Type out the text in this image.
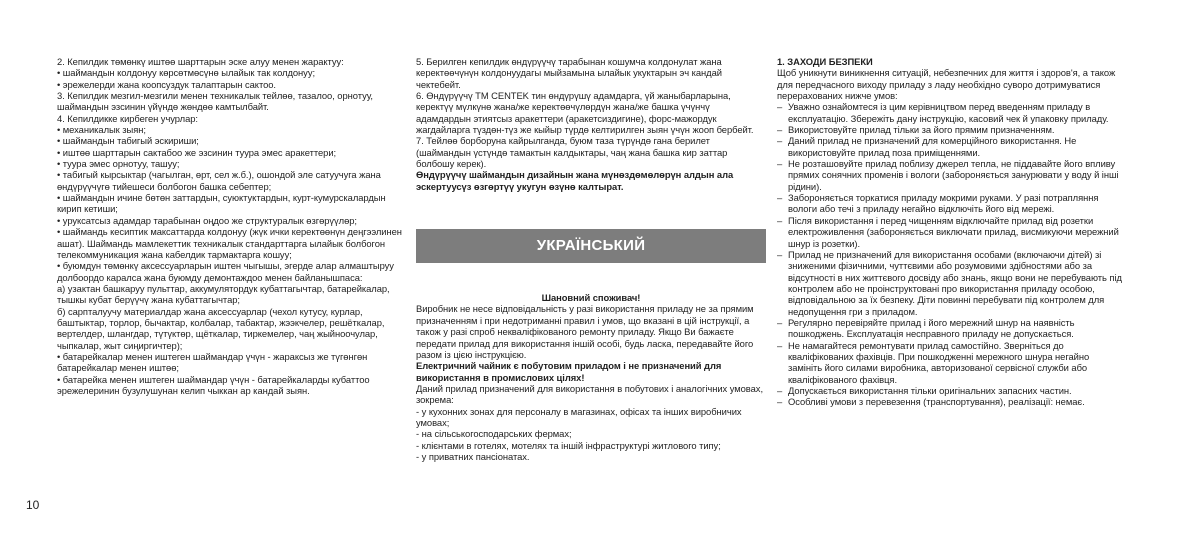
2. Кепилдик төмөнкү иштөө шарттарын эске алуу менен жарактуу:

• шаймандын колдонуу көрсөтмөсүнө ылайык так колдонуу;

• эрежелерди жана коопсуздук талаптарын сактоо.

3. Кепилдик мезгил-мезгили менен техникалык тейлөө, тазалоо, орнотуу, шаймандын эзсинин үйүндө жөндөө камтылбайт.

4. Кепилдикке кирбеген учурлар:

• механикалык зыян;

• шаймандын табигый эскириши;

• иштөө шарттарын сактабоо же эзсинин туура эмес аракеттери;

• туура эмес орнотуу, ташуу;

• табигый кырсыктар (чагылган, өрт, сел ж.б.), ошондой эле сатуучуга жана өндүрүүчүгө тийешеси болбогон башка себептер;

• шаймандын ичине бөтөн заттардын, суюктуктардын, курт-кумурскалардын кирип кетиши;

• уруксатсыз адамдар тарабынан оңдоо же структуралык өзгөрүүлөр;

• шаймандь кесиптик максаттарда колдонуу (жүк ички керектөөнүн деңгээлинен ашат). Шаймандь мамлекеттик техникалык стандарттарга ылайык болбогон телекоммуникация жана кабелдик тармактарга кошуу;

• буюмдун төмөнкү аксессуарларын иштен чыгышы, эгерде алар алмаштыруу долбоордо каралса жана буюмду демонтаждоо менен байланышпаса:

а) узактан башкаруу пульттар, аккумулятордук кубаттагычтар, батарейкалар, тышкы кубат берүүчү жана кубаттагычтар;

б) сарпталуучу материалдар жана аксессуарлар (чехол кутусу, курлар, баштыктар, торлор, бычактар, колбалар, табактар, жээкчелер, решёткалар, вертелдер, шлангдар, түтүктөр, щёткалар, тиркемелер, чаң жыйноочулар, чыпкалар, жыт сиңиргичтер);

• батарейкалар менен иштеген шаймандар үчүн - жараксыз же түгөнгөн батарейкалар менен иштөө;

• батарейка менен иштеген шаймандар үчүн - батарейкаларды кубаттоо эрежелеринин бузулушунан келип чыккан ар кандай зыян.

5. Берилген кепилдик өндүрүүчү тарабынан кошумча колдонулат жана керектөөчүнүн колдонуудагы мыйзамына ылайык укуктарын эч кандай чектебейт.

6. Өндүрүүчү ТМ CENTEK тин өндүрүшү адамдарга, үй жаныбарларына, керектүү мүлкүнө жана/же керектөөчүлөрдүн жана/же башка үчүнчү адамдардын этиятсыз аракеттери (аракетсиздигине), форс-мажордук жагдайларга түздөн-түз же кыйыр түрдө келтирилген зыян үчүн жооп бербейт.

7. Тейлөө борборуна кайрылганда, буюм таза түрүндө гана берилет (шаймандын үстүндө тамактын калдыктары, чаң жана башка кир заттар болбошу керек).

Өндүрүүчү шаймандын дизайнын жана мүнөздөмөлөрүн алдын ала эскертуусүз өзгөртүү укугун өзүнө калтырат.

УКРАЇНСЬКИЙ

Шановний споживач!

Виробник не несе відповідальність у разі використання приладу не за прямим призначенням і при недотриманні правил і умов, що вказані в цій інструкції, а також у разі спроб некваліфікованого ремонту приладу. Якщо Ви бажаєте передати прилад для використання іншій особі, будь ласка, передавайте його разом із цією інструкцією.

Електричний чайник є побутовим приладом і не призначений для використання в промислових цілях!

Даний прилад призначений для використання в побутових і аналогічних умовах, зокрема:

- у кухонних зонах для персоналу в магазинах, офісах та інших виробничих умовах;

- на сільськогосподарських фермах;

- клієнтами в готелях, мотелях та іншій інфраструктурі житлового типу;

- у приватних пансіонатах.

1. ЗАХОДИ БЕЗПЕКИ

Щоб уникнути виникнення ситуацій, небезпечних для життя і здоров'я, а також для передчасного виходу приладу з ладу необхідно суворо дотримуватися перерахованих нижче умов:

– Уважно ознайомтеся із цим керівництвом перед введенням приладу в експлуатацію. Збережіть дану інструкцію, касовий чек й упаковку приладу.
– Використовуйте прилад тільки за його прямим призначенням.
– Даний прилад не призначений для комерційного використання. Не використовуйте прилад поза приміщеннями.
– Не розташовуйте прилад поблизу джерел тепла, не піддавайте його впливу прямих сонячних променів і вологи (забороняється занурювати у воду й інші рідини).
– Забороняється торкатися приладу мокрими руками. У разі потрапляння вологи або течі з приладу негайно відключіть його від мережі.
– Після використання і перед чищенням відключайте прилад від розетки електроживлення (забороняється виключати прилад, висмикуючи мережний шнур із розетки).
– Прилад не призначений для використання особами (включаючи дітей) зі зниженими фізичними, чуттєвими або розумовими здібностями або за відсутності в них життєвого досвіду або знань, якщо вони не перебувають під контролем або не проінструктовані про використання приладу особою, відповідальною за їх безпеку. Діти повинні перебувати під контролем для недопущення гри з приладом.
– Регулярно перевіряйте прилад і його мережний шнур на наявність пошкоджень. Експлуатація несправного приладу не допускається.
– Не намагайтеся ремонтувати прилад самостійно. Зверніться до кваліфікованих фахівців. При пошкодженні мережного шнура негайно замініть його силами виробника, авторизованої сервісної служби або кваліфікованого фахівця.
– Допускається використання тільки оригінальних запасних частин.
– Особливі умови з перевезення (транспортування), реалізації: немає.
10
